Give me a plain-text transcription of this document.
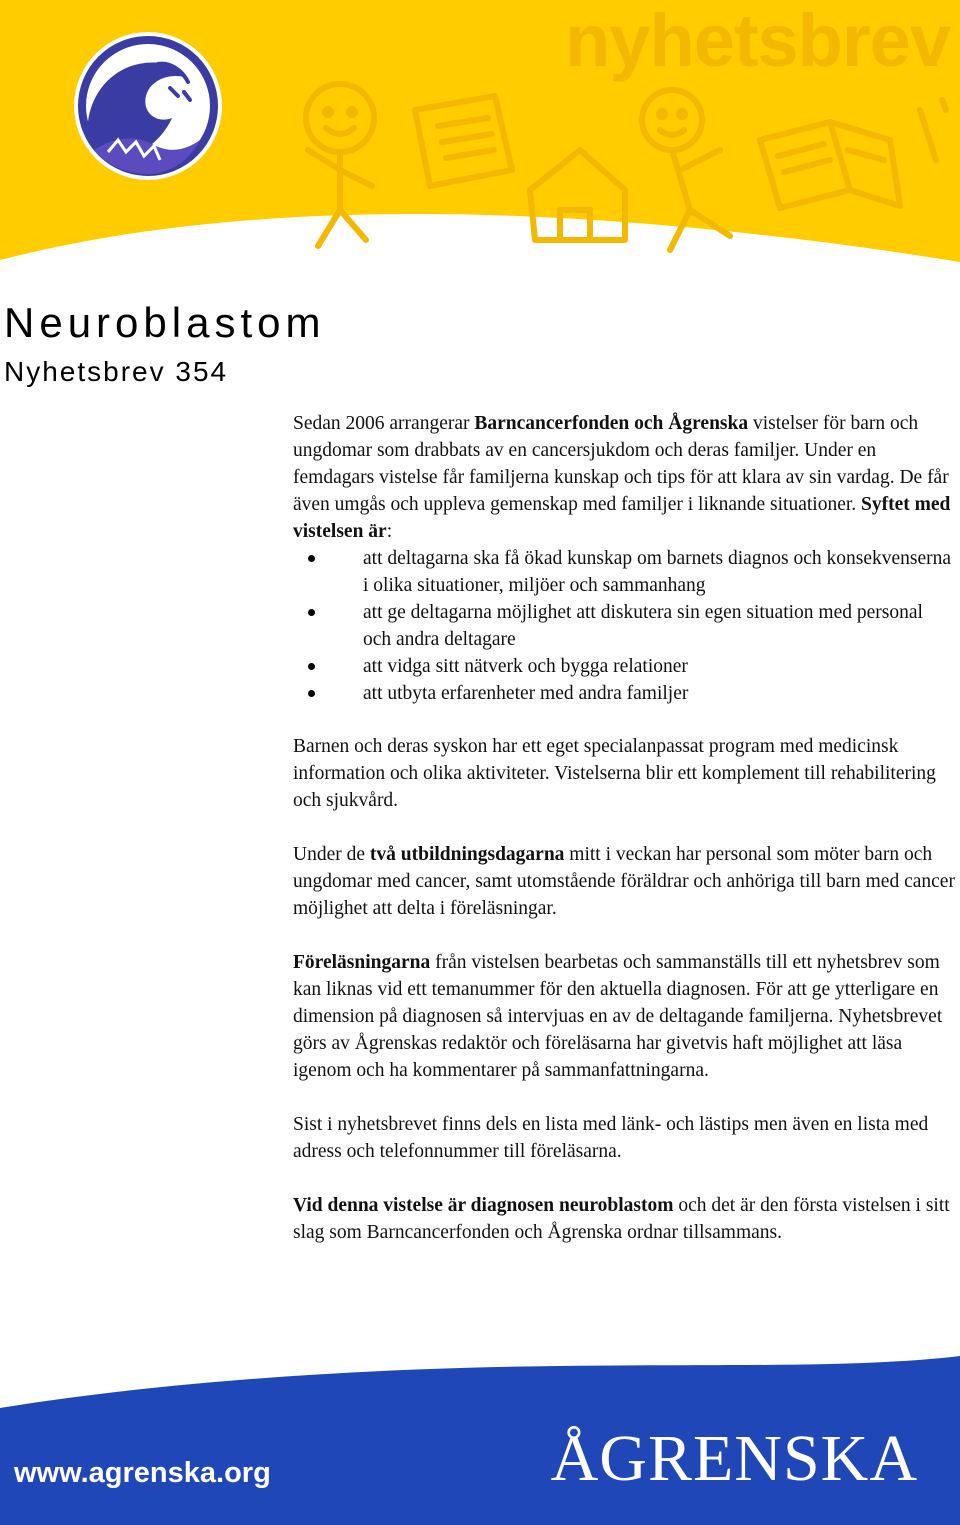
nyhetsbrev
Neuroblastom
Nyhetsbrev 354

Sedan 2006 arrangerar Barncancerfonden och Ågrenska vistelser för barn och ungdomar som drabbats av en cancersjukdom och deras familjer. Under en femdagars vistelse får familjerna kunskap och tips för att klara av sin vardag. De får även umgås och uppleva gemenskap med familjer i liknande situationer. Syftet med vistelsen är:

att deltagarna ska få ökad kunskap om barnets diagnos och konsekvenserna i olika situationer, miljöer och sammanhang
att ge deltagarna möjlighet att diskutera sin egen situation med personal och andra deltagare
att vidga sitt nätverk och bygga relationer
att utbyta erfarenheter med andra familjer

Barnen och deras syskon har ett eget specialanpassat program med medicinsk information och olika aktiviteter. Vistelserna blir ett komplement till rehabilitering och sjukvård.

Under de två utbildningsdagarna mitt i veckan har personal som möter barn och ungdomar med cancer, samt utomstående föräldrar och anhöriga till barn med cancer möjlighet att delta i föreläsningar.

Föreläsningarna från vistelsen bearbetas och sammanställs till ett nyhetsbrev som kan liknas vid ett temanummer för den aktuella diagnosen. För att ge ytterligare en dimension på diagnosen så intervjuas en av de deltagande familjerna. Nyhetsbrevet görs av Ågrenskas redaktör och föreläsarna har givetvis haft möjlighet att läsa igenom och ha kommentarer på sammanfattningarna.

Sist i nyhetsbrevet finns dels en lista med länk- och lästips men även en lista med adress och telefonnummer till föreläsarna.

Vid denna vistelse är diagnosen neuroblastom och det är den första vistelsen i sitt slag som Barncancerfonden och Ågrenska ordnar tillsammans.

www.agrenska.org	ÅGRENSKA
